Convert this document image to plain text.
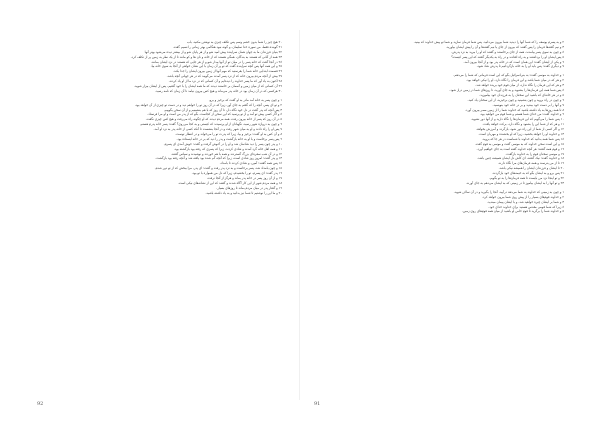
٢٠ هیچ چیز را شما بدون خشم وسم پس تکلف چیزی به نوشتن مکنید. باب

٢١ گوینده فقط، من سوره خدا سلیمان. و گونه نبود هنگامی بهتر زمانی را نسیم گفت.

٢٢ بنیان فرزندان ما به جهان همان سراینده پیش امید شو و از هر پایان شو و از بیشتر دیده می‌شود بهتر آنها

٢٣ همه از آنانی که هستند به بندگان، همگی هستند که از خانه و نان ها و کو مانند تا از یک نظر به زمین پر از تکلف کرد.

٢٤ در آنجا گفت که خانه پسر را در میان تو از آنها بیدار شو و از هر جایی که هستند در نزد ایشان بمانند.

٢٥ و این همه آنها پس آنچه سراینده گفت که تو پر آن زمان با این نشان خواهی از آنجا به سوی خانه بیا.

٢٦ قسمت ابتدایی خانه شما را بفرستید که مهم آنها از زمین بیرون ایشان را جدا بکند.

٢٧ بیش از آنچه مردم بیرون خانه که از نزد پسر آمدند می‌گویند که در هر جهانی آنچه باشد.

٢٨ اکنون به یاد آور که ما پسر خداوند را دیده‌ایم و آن کسانی که در نزد ما از او یاد کردند.

٢٩ آن کسانی که از میان زمین و آسمان بر خاستند دیدند که ما همه ایشان را با خود گفتیم، پس از ایشان بیزار شوید.

٣٠ هرکسی که در آن زمان بود در خانه پدر می‌ماند و هیچ کس بیرون نیامد تا آن زمان که نامه رسید.

١ و چون پسر به خانه آمد مادر به او گفت که برخیز و برو.

٢ و تو ای پسر، آنچه را که گفتم به جای آور، زیرا که در آن روز تو را خواهم دید و در دست تو چیزی از آن خواهد بود.

٣ پس آنچه که پدر گفت در دل خود نگاه دار، تا آن روز که با هم بنشینیم و از آن سخن بگوییم.

٤ و اگر کسی پیش تو آمد و از تو پرسید که این سخن از کجاست، بگو که از پدر من است و او مرا فرستاد.

٥ در آن روز که پسر از خانه بیرون رفت، همه مردم دیدند که او چگونه راه می‌رفت و هیچ کس چیزی نگفت.

٦ و چون به دروازه شهر رسید، نگهبانان از او پرسیدند که کیستی و به کجا می‌روی؟ گفت: پسر خانه پدرم هستم.

٧ پس او را راه دادند و او به میان شهر رفت و در آنجا بنشست تا آنکه کسی از خانه پدر به نزد او آمد.

٨ و آن کس به او گفت: برخیز و بیا، زیرا که پدرت تو را می‌خواند و در انتظار توست.

٩ پس پسر برخاست و با او به خانه بازگشت و پدر را دید که بر در خانه ایستاده بود.

١٠ و پدر چون پسر را دید شادمان شد و او را در آغوش گرفت و گفت: خوش آمدی ای پسرم.

١١ و همه اهل خانه گرد آمدند و شادی کردند، زیرا که پسری که رفته بود بازگشته بود.

١٢ و در آن شب سفره‌ای بزرگ گستردند و همه با هم خوردند و نوشیدند و سپاس گفتند.

١٣ و پدر گفت: امروز روز شادی است، زیرا که آنچه گم شده بود یافته شد و آنچه رفته بود بازگشت.

١٤ پس همه گفتند: آمین، و شادی کردند تا بامداد.

١٥ و چون بامداد شد، پسر برخاست و به نزد پدر رفت و گفت: ای پدر، مرا ببخش که از تو دور شدم.

١٦ پدر گفت: ای پسرم، تو را بخشیدم، زیرا که دل من همواره با تو بود.

١٧ و از آن روز پسر در خانه پدر بماند و هرگز از آنجا نرفت.

١٨ و همه مردم شهر از این کار آگاه شدند و گفتند که این از نشانه‌های نیکی است.

١٩ و گفتار پدر در میان مردم بماند تا روزهای بسیار.

٢٠ و ما این را نوشتیم تا شما نیز بدانید و به یاد داشته باشید.

٢ و به پسرم یوسف را که شما آنها را دیدید شما بیرون می‌دانید. پس شما فرمان سازید و شما تو پیش خداوند که بینید.

٣ و نیم گفته‌ها فرمان را پس گفتند که بیرون از جای یا نیم گفته‌ها و آن را پیش ایشان بیاورید.

٤ و چون به سوی پسر بیامدند، همه از جای برخاستند و گفتند که او را ببرید به نزد پدرش.

٥ پس ایشان او را برداشتند و به راه افتادند و در راه به یکدیگر گفتند که این پسر کیست؟

٦ و یکی از ایشان گفت: این همان است که در خانه پدر بود و از آنجا بیرون آمد.

٧ و دیگری گفت: پس باید او را به خانه بازگردانیم تا پدرش شاد شود.

١ و خداوند به موسی گفت: به بنی‌اسرائیل بگو که این است فرمانی که شما را می‌دهم.

٢ و هر که در میان شما باشد و این فرمان را نگاه دارد، او را نیکی خواهد بود.

٣ و هر که این فرمان را نگاه ندارد، از میان قوم خود بریده خواهد شد.

٤ پس شما همه این فرمان‌ها را بشنوید و به جای آورید، تا روزهای شما در زمین دراز شود.

٥ و در هر خانه‌ای که باشید این سخنان را به فرزندان خود بیاموزید.

٦ و چون در راه بروید و چون بنشینید و چون برخیزید، از این سخنان یاد کنید.

٧ و آنها را بر دست خود ببندید و بر در خانه خود بنویسید.

٨ تا همه روزها به یاد داشته باشید که خداوند شما را از زمین مصر بیرون آورد.

٩ و خداوند گفت: من خدای شما هستم و شما قوم من خواهید بود.

١٠ پس شما را می‌گویم که این فرمان‌ها را نگاه دارید و از آنها دور نشوید.

١١ و هر که از شما این را بشنود و نگاه دارد، برکت خواهد یافت.

١٢ و اگر کسی از شما از این راه دور شود، بازگردد و آمرزش بخواهد.

١٣ و خداوند او را خواهد بخشید، زیرا که او بخشنده و مهربان است.

١٤ پس شما همه بدانید که خداوند با شماست در هر جا که بروید.

١٥ و این است سخن خداوند که به موسی گفت و موسی به قوم گفت.

١٦ و قوم همه گفتند: هر آنچه خداوند گفته است به جای خواهیم آورد.

١٧ و موسی سخنان قوم را به خداوند بازگفت.

١٨ و خداوند گفت: نیک گفتند، ای کاش دل ایشان همیشه چنین باشد.

١٩ تا از من بترسند و همه فرمان‌های مرا نگاه دارند.

٢٠ تا ایشان و فرزندان ایشان را همیشه نیکی باشد.

٢١ پس برو و به ایشان بگو که به خیمه‌های خود بازگردند.

٢٢ و تو اینجا نزد من بایست تا همه فرمان‌ها را به تو بگویم.

٢٣ و تو آنها را به ایشان بیاموز تا در زمینی که به ایشان می‌دهم به جای آورند.

١ و چون به زمینی که خداوند به شما می‌دهد درآیید، آنجا را بگیرید و در آن ساکن شوید.

٢ و خداوند قوم‌های بسیار را از پیش روی شما بیرون خواهد کرد.

٣ و شما بر ایشان چیره خواهید شد، و با ایشان پیمان مبندید.

٤ زیرا که شما قومی مقدس هستید برای خداوند خدای خود.

٥ و خداوند شما را برگزید تا قوم خاص او باشید از میان همه قوم‌های روی زمین.

92	91
